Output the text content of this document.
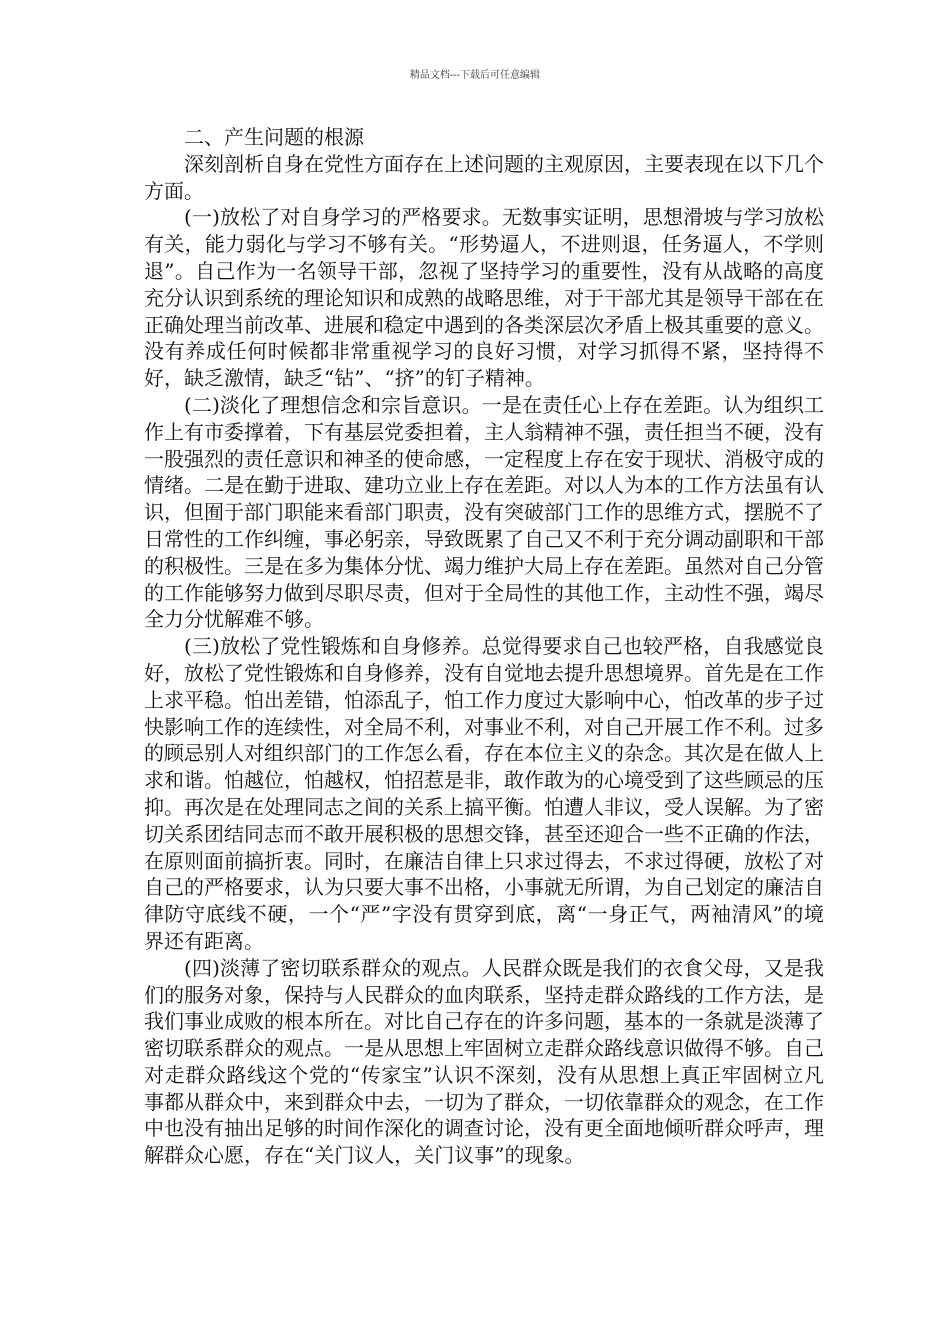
精品文档---下载后可任意编辑

二、产生问题的根源

深刻剖析自身在党性方面存在上述问题的主观原因，主要表现在以下几个方面。

(一)放松了对自身学习的严格要求。无数事实证明，思想滑坡与学习放松有关，能力弱化与学习不够有关。“形势逼人，不进则退，任务逼人，不学则退”。自己作为一名领导干部，忽视了坚持学习的重要性，没有从战略的高度充分认识到系统的理论知识和成熟的战略思维，对于干部尤其是领导干部在在正确处理当前改革、进展和稳定中遇到的各类深层次矛盾上极其重要的意义。没有养成任何时候都非常重视学习的良好习惯，对学习抓得不紧，坚持得不好，缺乏激情，缺乏“钻”、“挤”的钉子精神。

(二)淡化了理想信念和宗旨意识。一是在责任心上存在差距。认为组织工作上有市委撑着，下有基层党委担着，主人翁精神不强，责任担当不硬，没有一股强烈的责任意识和神圣的使命感，一定程度上存在安于现状、消极守成的情绪。二是在勤于进取、建功立业上存在差距。对以人为本的工作方法虽有认识，但囿于部门职能来看部门职责，没有突破部门工作的思维方式，摆脱不了日常性的工作纠缠，事必躬亲，导致既累了自己又不利于充分调动副职和干部的积极性。三是在多为集体分忧、竭力维护大局上存在差距。虽然对自己分管的工作能够努力做到尽职尽责，但对于全局性的其他工作，主动性不强，竭尽全力分忧解难不够。

(三)放松了党性锻炼和自身修养。总觉得要求自己也较严格，自我感觉良好，放松了党性锻炼和自身修养，没有自觉地去提升思想境界。首先是在工作上求平稳。怕出差错，怕添乱子，怕工作力度过大影响中心，怕改革的步子过快影响工作的连续性，对全局不利，对事业不利，对自己开展工作不利。过多的顾忌别人对组织部门的工作怎么看，存在本位主义的杂念。其次是在做人上求和谐。怕越位，怕越权，怕招惹是非，敢作敢为的心境受到了这些顾忌的压抑。再次是在处理同志之间的关系上搞平衡。怕遭人非议，受人误解。为了密切关系团结同志而不敢开展积极的思想交锋，甚至还迎合一些不正确的作法，在原则面前搞折衷。同时，在廉洁自律上只求过得去，不求过得硬，放松了对自己的严格要求，认为只要大事不出格，小事就无所谓，为自己划定的廉洁自律防守底线不硬，一个“严”字没有贯穿到底，离“一身正气，两袖清风”的境界还有距离。

(四)淡薄了密切联系群众的观点。人民群众既是我们的衣食父母，又是我们的服务对象，保持与人民群众的血肉联系，坚持走群众路线的工作方法，是我们事业成败的根本所在。对比自己存在的许多问题，基本的一条就是淡薄了密切联系群众的观点。一是从思想上牢固树立走群众路线意识做得不够。自己对走群众路线这个党的“传家宝”认识不深刻，没有从思想上真正牢固树立凡事都从群众中，来到群众中去，一切为了群众，一切依靠群众的观念，在工作中也没有抽出足够的时间作深化的调查讨论，没有更全面地倾听群众呼声，理解群众心愿，存在“关门议人，关门议事”的现象。
